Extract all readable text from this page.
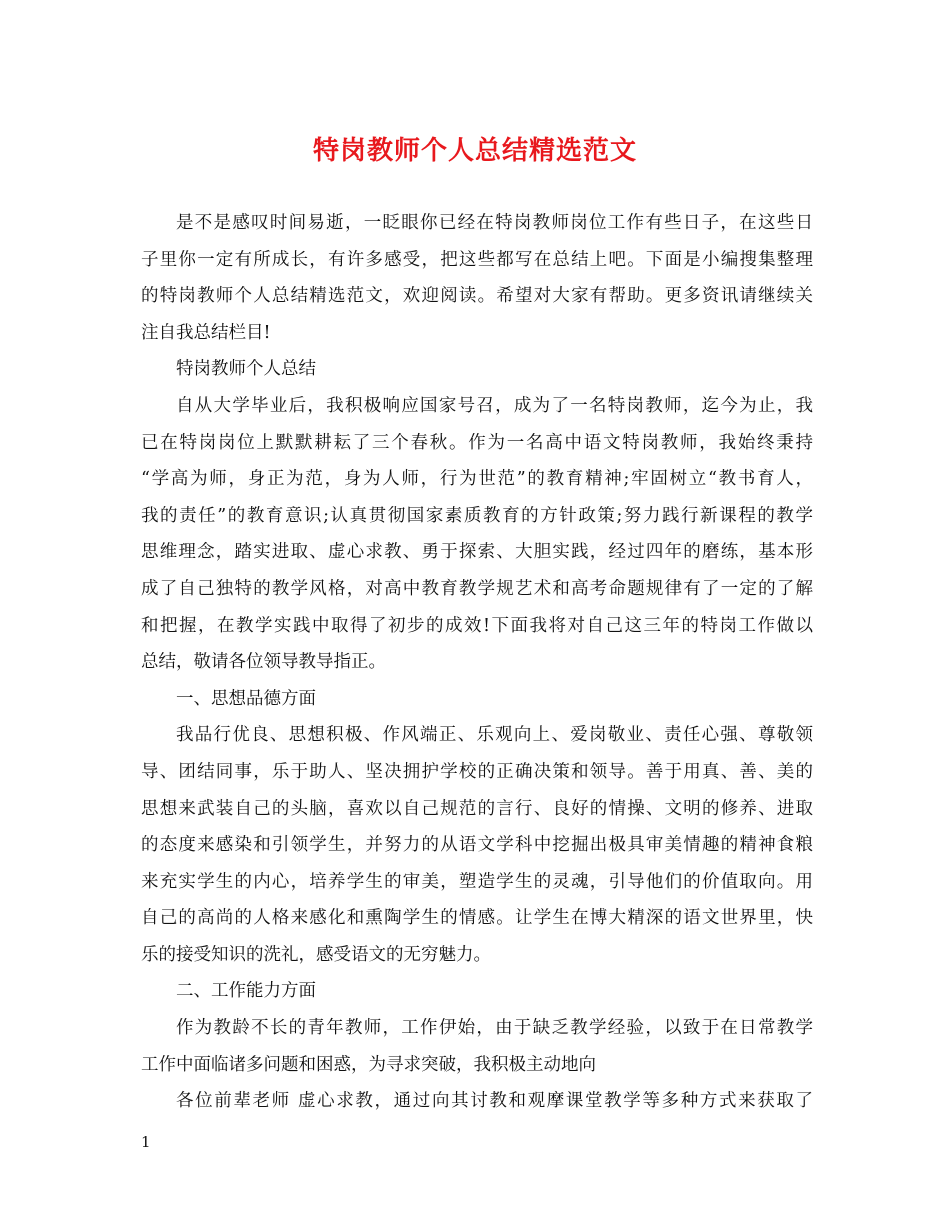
特岗教师个人总结精选范文
是不是感叹时间易逝，一眨眼你已经在特岗教师岗位工作有些日子，在这些日
子里你一定有所成长，有许多感受，把这些都写在总结上吧。下面是小编搜集整理
的特岗教师个人总结精选范文，欢迎阅读。希望对大家有帮助。更多资讯请继续关
注自我总结栏目!
特岗教师个人总结
自从大学毕业后，我积极响应国家号召，成为了一名特岗教师，迄今为止，我
已在特岗岗位上默默耕耘了三个春秋。作为一名高中语文特岗教师，我始终秉持
“学高为师，身正为范，身为人师，行为世范”的教育精神;牢固树立“教书育人，
我的责任”的教育意识;认真贯彻国家素质教育的方针政策;努力践行新课程的教学
思维理念，踏实进取、虚心求教、勇于探索、大胆实践，经过四年的磨练，基本形
成了自己独特的教学风格，对高中教育教学规艺术和高考命题规律有了一定的了解
和把握，在教学实践中取得了初步的成效!下面我将对自己这三年的特岗工作做以
总结，敬请各位领导教导指正。
一、思想品德方面
我品行优良、思想积极、作风端正、乐观向上、爱岗敬业、责任心强、尊敬领
导、团结同事，乐于助人、坚决拥护学校的正确决策和领导。善于用真、善、美的
思想来武装自己的头脑，喜欢以自己规范的言行、良好的情操、文明的修养、进取
的态度来感染和引领学生，并努力的从语文学科中挖掘出极具审美情趣的精神食粮
来充实学生的内心，培养学生的审美，塑造学生的灵魂，引导他们的价值取向。用
自己的高尚的人格来感化和熏陶学生的情感。让学生在博大精深的语文世界里，快
乐的接受知识的洗礼，感受语文的无穷魅力。
二、工作能力方面
作为教龄不长的青年教师，工作伊始，由于缺乏教学经验，以致于在日常教学
工作中面临诸多问题和困惑，为寻求突破，我积极主动地向
各位前辈老师 虚心求教，通过向其讨教和观摩课堂教学等多种方式来获取了
1
